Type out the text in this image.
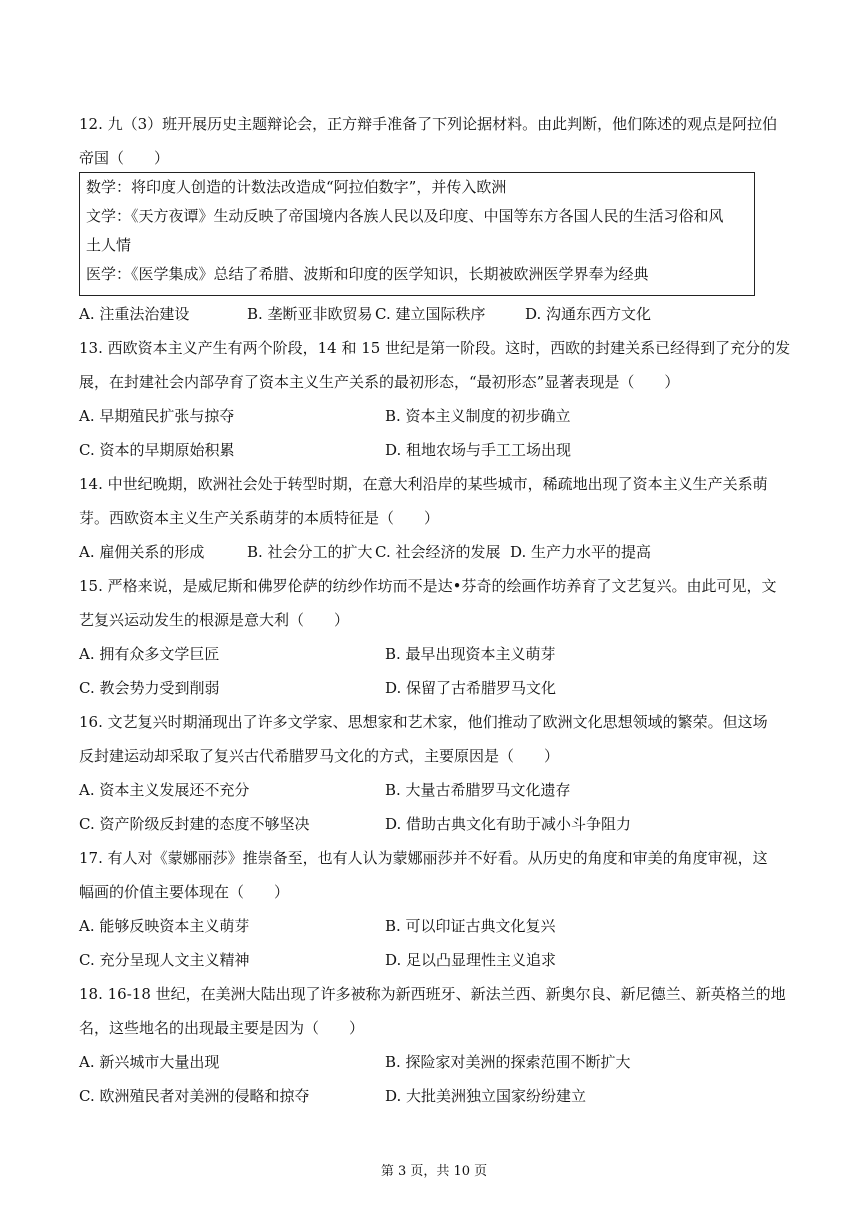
12. 九（3）班开展历史主题辩论会，正方辩手准备了下列论据材料。由此判断，他们陈述的观点是阿拉伯
帝国（　　）
数学：将印度人创造的计数法改造成“阿拉伯数字”，并传入欧洲
文学：《天方夜谭》生动反映了帝国境内各族人民以及印度、中国等东方各国人民的生活习俗和风
土人情
医学：《医学集成》总结了希腊、波斯和印度的医学知识，长期被欧洲医学界奉为经典
A. 注重法治建设	B. 垄断亚非欧贸易 C. 建立国际秩序	D. 沟通东西方文化
13. 西欧资本主义产生有两个阶段，14 和 15 世纪是第一阶段。这时，西欧的封建关系已经得到了充分的发
展，在封建社会内部孕育了资本主义生产关系的最初形态，“最初形态”显著表现是（　　）
A. 早期殖民扩张与掠夺	B. 资本主义制度的初步确立
C. 资本的早期原始积累	D. 租地农场与手工工场出现
14. 中世纪晚期，欧洲社会处于转型时期，在意大利沿岸的某些城市，稀疏地出现了资本主义生产关系萌
芽。西欧资本主义生产关系萌芽的本质特征是（　　）
A. 雇佣关系的形成	B. 社会分工的扩大 C. 社会经济的发展 D. 生产力水平的提高
15. 严格来说，是威尼斯和佛罗伦萨的纺纱作坊而不是达•芬奇的绘画作坊养育了文艺复兴。由此可见，文
艺复兴运动发生的根源是意大利（　　）
A. 拥有众多文学巨匠	B. 最早出现资本主义萌芽
C. 教会势力受到削弱	D. 保留了古希腊罗马文化
16. 文艺复兴时期涌现出了许多文学家、思想家和艺术家，他们推动了欧洲文化思想领域的繁荣。但这场
反封建运动却采取了复兴古代希腊罗马文化的方式，主要原因是（　　）
A. 资本主义发展还不充分	B. 大量古希腊罗马文化遗存
C. 资产阶级反封建的态度不够坚决	D. 借助古典文化有助于减小斗争阻力
17. 有人对《蒙娜丽莎》推崇备至，也有人认为蒙娜丽莎并不好看。从历史的角度和审美的角度审视，这
幅画的价值主要体现在（　　）
A. 能够反映资本主义萌芽	B. 可以印证古典文化复兴
C. 充分呈现人文主义精神	D. 足以凸显理性主义追求
18. 16-18 世纪，在美洲大陆出现了许多被称为新西班牙、新法兰西、新奥尔良、新尼德兰、新英格兰的地
名，这些地名的出现最主要是因为（　　）
A. 新兴城市大量出现	B. 探险家对美洲的探索范围不断扩大
C. 欧洲殖民者对美洲的侵略和掠夺	D. 大批美洲独立国家纷纷建立
第 3 页，共 10 页
